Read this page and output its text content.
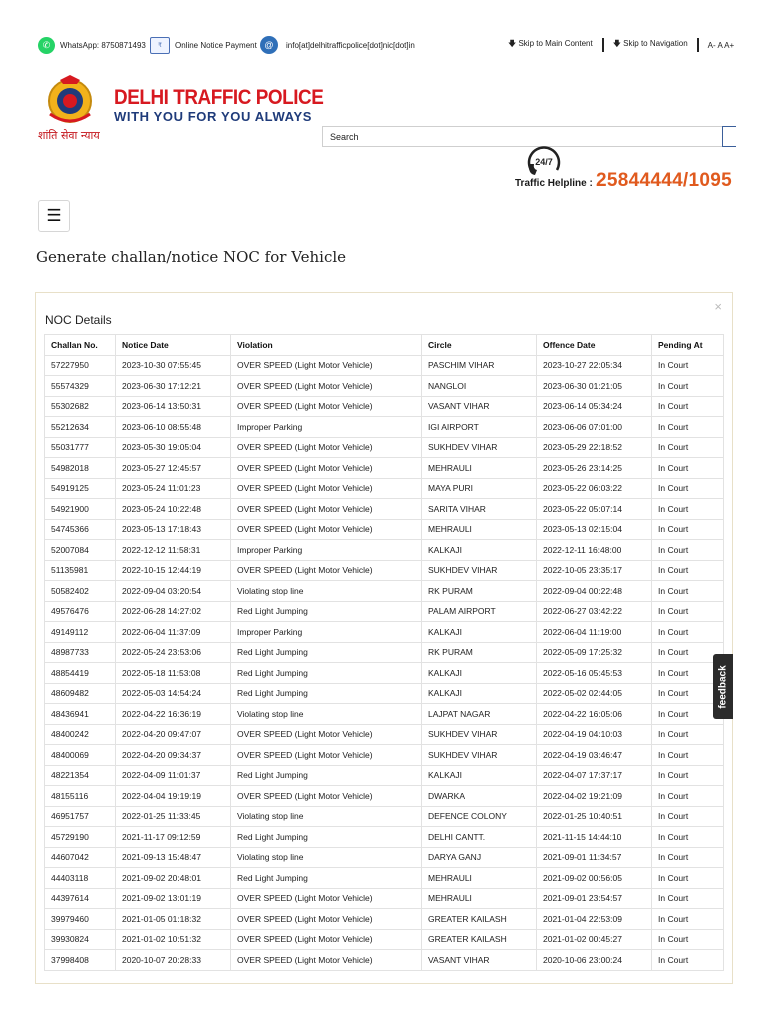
✆	WhatsApp: 8750871493	₹	Online Notice Payment @	info[at]delhitrafficpolice[dot]nic[dot]in	🡇 Skip to Main Content	🡇 Skip to Navigation	A- A A+
DELHI TRAFFIC POLICE
WITH YOU FOR YOU ALWAYS
शांति सेवा न्याय	Search
24/7
Traffic Helpline : 25844444/1095
☰
Generate challan/notice NOC for Vehicle
×
NOC Details
Challan No.	Notice Date	Violation	Circle	Offence Date	Pending At
57227950	2023-10-30 07:55:45	OVER SPEED (Light Motor Vehicle)	PASCHIM VIHAR	2023-10-27 22:05:34	In Court
55574329	2023-06-30 17:12:21	OVER SPEED (Light Motor Vehicle)	NANGLOI	2023-06-30 01:21:05	In Court
55302682	2023-06-14 13:50:31	OVER SPEED (Light Motor Vehicle)	VASANT VIHAR	2023-06-14 05:34:24	In Court
55212634	2023-06-10 08:55:48	Improper Parking	IGI AIRPORT	2023-06-06 07:01:00	In Court
55031777	2023-05-30 19:05:04	OVER SPEED (Light Motor Vehicle)	SUKHDEV VIHAR	2023-05-29 22:18:52	In Court
54982018	2023-05-27 12:45:57	OVER SPEED (Light Motor Vehicle)	MEHRAULI	2023-05-26 23:14:25	In Court
54919125	2023-05-24 11:01:23	OVER SPEED (Light Motor Vehicle)	MAYA PURI	2023-05-22 06:03:22	In Court
54921900	2023-05-24 10:22:48	OVER SPEED (Light Motor Vehicle)	SARITA VIHAR	2023-05-22 05:07:14	In Court
54745366	2023-05-13 17:18:43	OVER SPEED (Light Motor Vehicle)	MEHRAULI	2023-05-13 02:15:04	In Court
52007084	2022-12-12 11:58:31	Improper Parking	KALKAJI	2022-12-11 16:48:00	In Court
51135981	2022-10-15 12:44:19	OVER SPEED (Light Motor Vehicle)	SUKHDEV VIHAR	2022-10-05 23:35:17	In Court
50582402	2022-09-04 03:20:54	Violating stop line	RK PURAM	2022-09-04 00:22:48	In Court
49576476	2022-06-28 14:27:02	Red Light Jumping	PALAM AIRPORT	2022-06-27 03:42:22	In Court
49149112	2022-06-04 11:37:09	Improper Parking	KALKAJI	2022-06-04 11:19:00	In Court
48987733	2022-05-24 23:53:06	Red Light Jumping	RK PURAM	2022-05-09 17:25:32	In Court
48854419	2022-05-18 11:53:08	Red Light Jumping	KALKAJI	2022-05-16 05:45:53	In Court
48609482	2022-05-03 14:54:24	Red Light Jumping	KALKAJI	2022-05-02 02:44:05	In Court
48436941	2022-04-22 16:36:19	Violating stop line	LAJPAT NAGAR	2022-04-22 16:05:06	In Court
48400242	2022-04-20 09:47:07	OVER SPEED (Light Motor Vehicle)	SUKHDEV VIHAR	2022-04-19 04:10:03	In Court
48400069	2022-04-20 09:34:37	OVER SPEED (Light Motor Vehicle)	SUKHDEV VIHAR	2022-04-19 03:46:47	In Court
48221354	2022-04-09 11:01:37	Red Light Jumping	KALKAJI	2022-04-07 17:37:17	In Court
48155116	2022-04-04 19:19:19	OVER SPEED (Light Motor Vehicle)	DWARKA	2022-04-02 19:21:09	In Court
46951757	2022-01-25 11:33:45	Violating stop line	DEFENCE COLONY	2022-01-25 10:40:51	In Court
45729190	2021-11-17 09:12:59	Red Light Jumping	DELHI CANTT.	2021-11-15 14:44:10	In Court
44607042	2021-09-13 15:48:47	Violating stop line	DARYA GANJ	2021-09-01 11:34:57	In Court
44403118	2021-09-02 20:48:01	Red Light Jumping	MEHRAULI	2021-09-02 00:56:05	In Court
44397614	2021-09-02 13:01:19	OVER SPEED (Light Motor Vehicle)	MEHRAULI	2021-09-01 23:54:57	In Court
39979460	2021-01-05 01:18:32	OVER SPEED (Light Motor Vehicle)	GREATER KAILASH	2021-01-04 22:53:09	In Court
39930824	2021-01-02 10:51:32	OVER SPEED (Light Motor Vehicle)	GREATER KAILASH	2021-01-02 00:45:27	In Court
37998408	2020-10-07 20:28:33	OVER SPEED (Light Motor Vehicle)	VASANT VIHAR	2020-10-06 23:00:24	In Court
feedback
